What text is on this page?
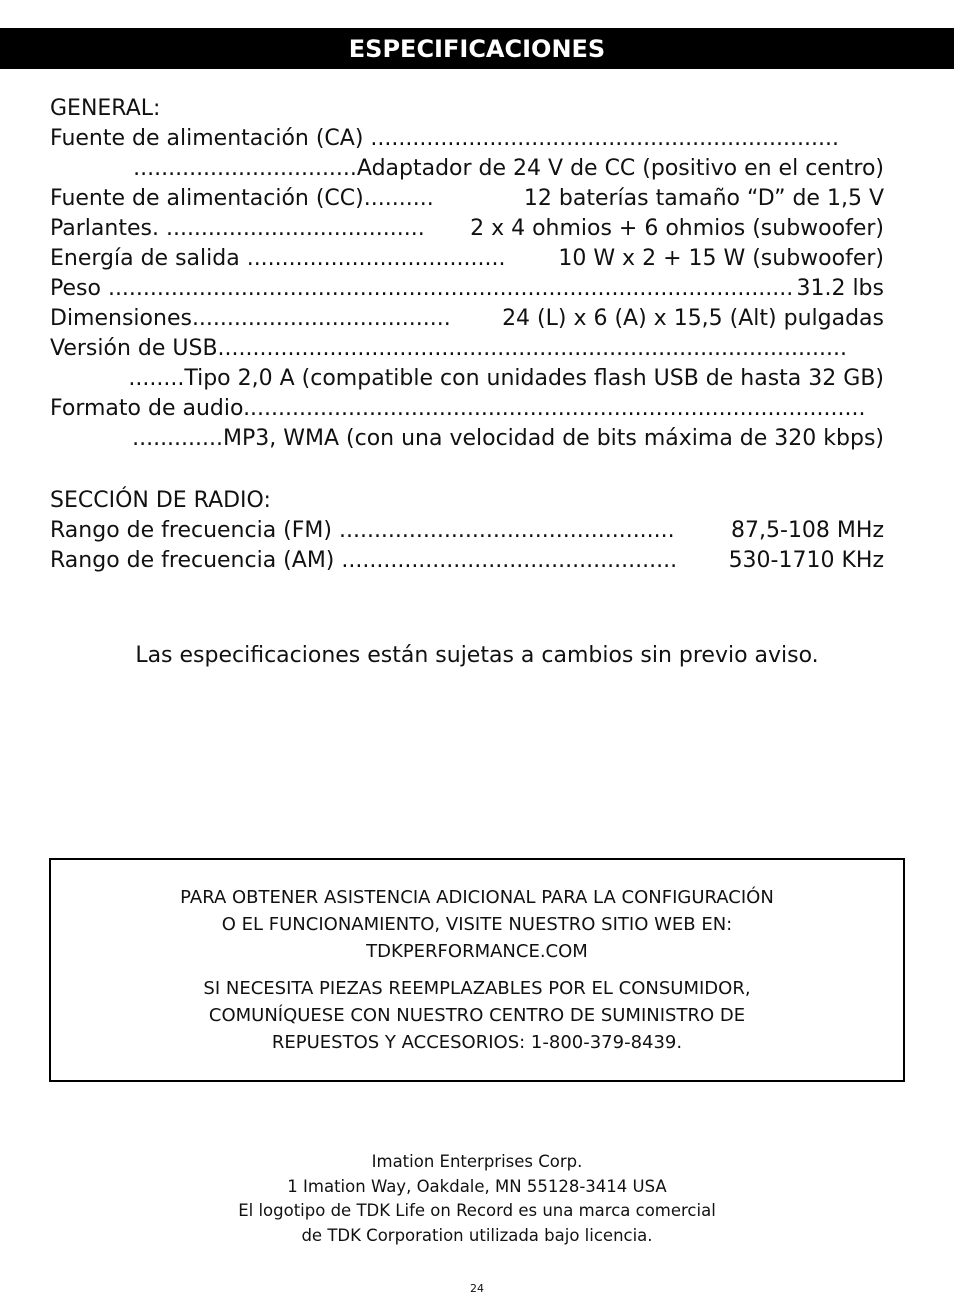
ESPECIFICACIONES
GENERAL:
Fuente de alimentación (CA) ...................................................................
................................Adaptador de 24 V de CC (positivo en el centro)
Fuente de alimentación (CC)..........	12 baterías tamaño “D” de 1,5 V
Parlantes. ..................................... 2 x 4 ohmios + 6 ohmios (subwoofer)
Energía de salida ..................................... 10 W x 2 + 15 W (subwoofer)
Peso .................................................................................................. 31.2 lbs
Dimensiones..................................... 24 (L) x 6 (A) x 15,5 (Alt) pulgadas
Versión de USB..........................................................................................
........Tipo 2,0 A (compatible con unidades flash USB de hasta 32 GB)
Formato de audio.........................................................................................
.............MP3, WMA (con una velocidad de bits máxima de 320 kbps)
SECCIÓN DE RADIO:
Rango de frecuencia (FM) ................................................	87,5-108 MHz
Rango de frecuencia (AM) ................................................ 530-1710 KHz
Las especificaciones están sujetas a cambios sin previo aviso.
PARA OBTENER ASISTENCIA ADICIONAL PARA LA CONFIGURACIÓN
O EL FUNCIONAMIENTO, VISITE NUESTRO SITIO WEB EN:
TDKPERFORMANCE.COM
SI NECESITA PIEZAS REEMPLAZABLES POR EL CONSUMIDOR,
COMUNÍQUESE CON NUESTRO CENTRO DE SUMINISTRO DE
REPUESTOS Y ACCESORIOS: 1-800-379-8439.
Imation Enterprises Corp.
1 Imation Way, Oakdale, MN 55128-3414 USA
El logotipo de TDK Life on Record es una marca comercial
de TDK Corporation utilizada bajo licencia.
24
